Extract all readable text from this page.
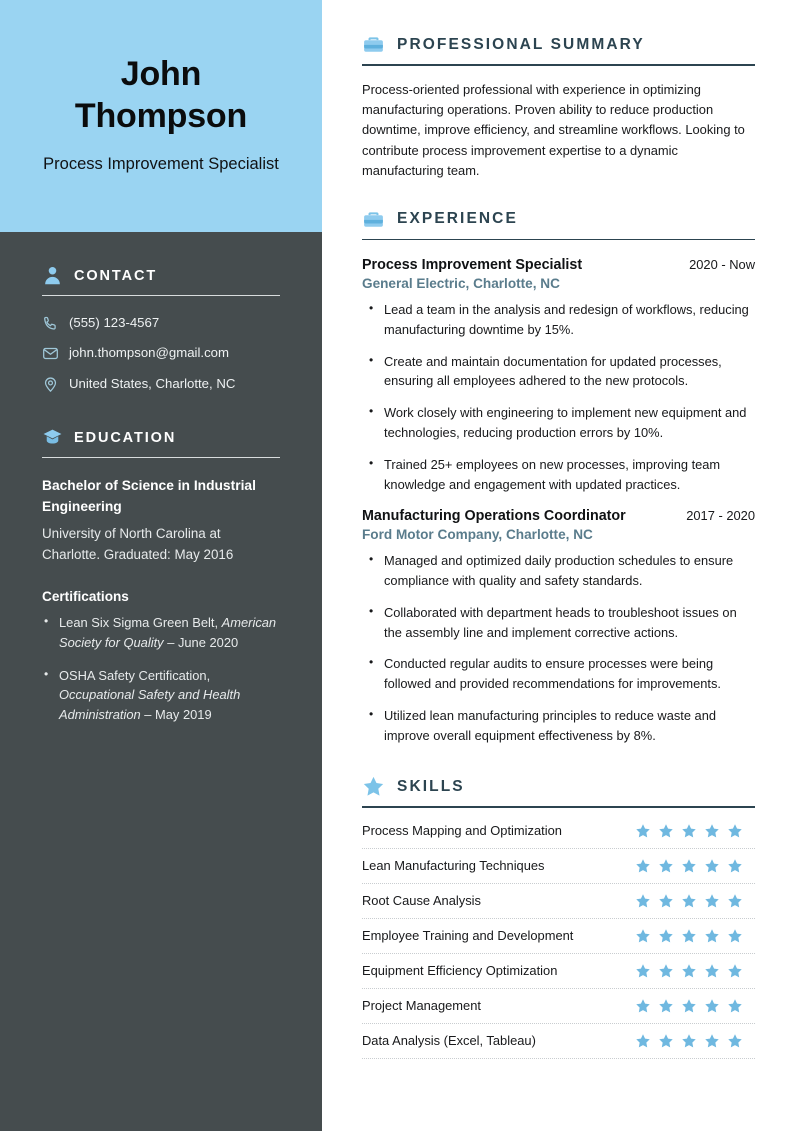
John
Thompson
Process Improvement Specialist
CONTACT
(555) 123-4567
john.thompson@gmail.com
United States, Charlotte, NC
EDUCATION
Bachelor of Science in Industrial Engineering
University of North Carolina at Charlotte. Graduated: May 2016
Certifications
• Lean Six Sigma Green Belt, American Society for Quality – June 2020
• OSHA Safety Certification, Occupational Safety and Health Administration – May 2019
PROFESSIONAL SUMMARY

Process-oriented professional with experience in optimizing manufacturing operations. Proven ability to reduce production downtime, improve efficiency, and streamline workflows. Looking to contribute process improvement expertise to a dynamic manufacturing team.

EXPERIENCE
Process Improvement Specialist	2020 - Now
General Electric, Charlotte, NC
• Lead a team in the analysis and redesign of workflows, reducing manufacturing downtime by 15%.
• Create and maintain documentation for updated processes, ensuring all employees adhered to the new protocols.
• Work closely with engineering to implement new equipment and technologies, reducing production errors by 10%.
• Trained 25+ employees on new processes, improving team knowledge and engagement with updated practices.
Manufacturing Operations Coordinator	2017 - 2020
Ford Motor Company, Charlotte, NC
• Managed and optimized daily production schedules to ensure compliance with quality and safety standards.
• Collaborated with department heads to troubleshoot issues on the assembly line and implement corrective actions.
• Conducted regular audits to ensure processes were being followed and provided recommendations for improvements.
• Utilized lean manufacturing principles to reduce waste and improve overall equipment effectiveness by 8%.
SKILLS
Process Mapping and Optimization
Lean Manufacturing Techniques
Root Cause Analysis
Employee Training and Development
Equipment Efficiency Optimization
Project Management
Data Analysis (Excel, Tableau)
